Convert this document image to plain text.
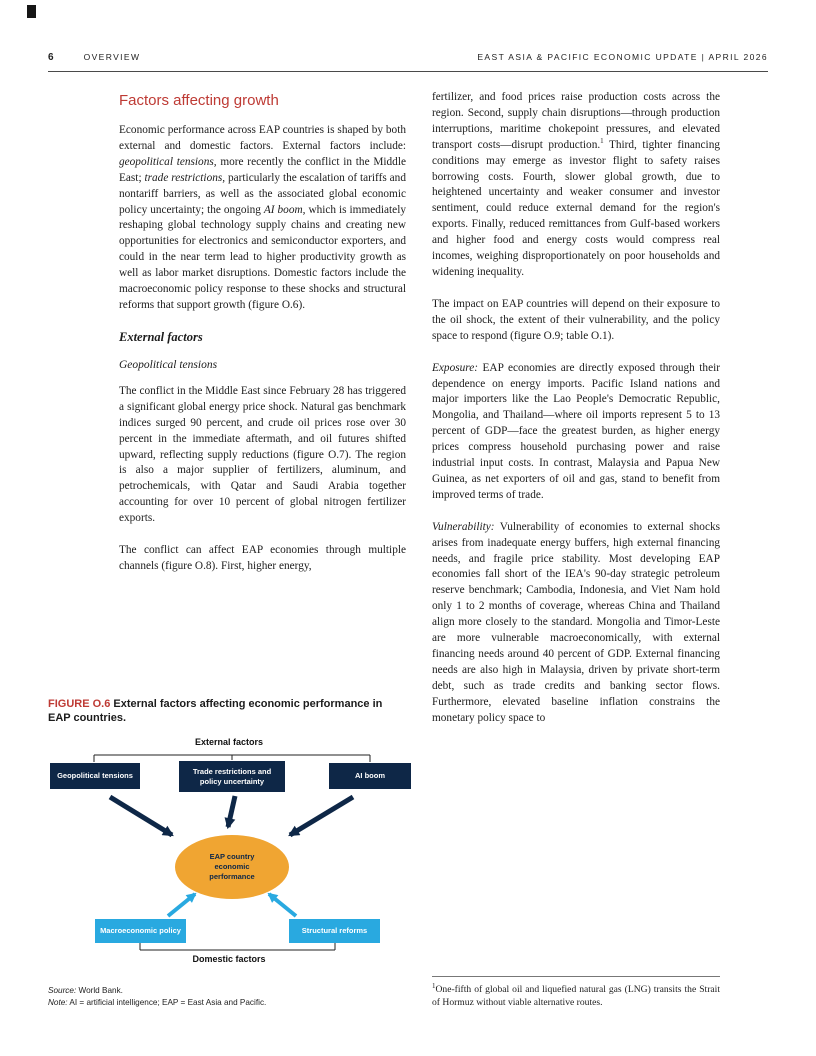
6	OVERVIEW	EAST ASIA & PACIFIC ECONOMIC UPDATE | APRIL 2026
Factors affecting growth

Economic performance across EAP countries is shaped by both external and domestic factors. External factors include: geopolitical tensions, more recently the conflict in the Middle East; trade restrictions, particularly the escalation of tariffs and nontariff barriers, as well as the associated global economic policy uncertainty; the ongoing AI boom, which is immediately reshaping global technology supply chains and creating new opportunities for electronics and semiconductor exporters, and could in the near term lead to higher productivity growth as well as labor market disruptions. Domestic factors include the macroeconomic policy response to these shocks and structural reforms that support growth (figure O.6).

External factors
Geopolitical tensions

The conflict in the Middle East since February 28 has triggered a significant global energy price shock. Natural gas benchmark indices surged 90 percent, and crude oil prices rose over 30 percent in the immediate aftermath, and oil futures shifted upward, reflecting supply reductions (figure O.7). The region is also a major supplier of fertilizers, aluminum, and petrochemicals, with Qatar and Saudi Arabia together accounting for over 10 percent of global nitrogen fertilizer exports.

The conflict can affect EAP economies through multiple channels (figure O.8). First, higher energy,

fertilizer, and food prices raise production costs across the region. Second, supply chain disruptions—through production interruptions, maritime chokepoint pressures, and elevated transport costs—disrupt production.$^1$ Third, tighter financing conditions may emerge as investor flight to safety raises borrowing costs. Fourth, slower global growth, due to heightened uncertainty and weaker consumer and investor sentiment, could reduce external demand for the region's exports. Finally, reduced remittances from Gulf-based workers and higher food and energy costs would compress real incomes, weighing disproportionately on poor households and widening inequality.

The impact on EAP countries will depend on their exposure to the oil shock, the extent of their vulnerability, and the policy space to respond (figure O.9; table O.1).

Exposure: EAP economies are directly exposed through their dependence on energy imports. Pacific Island nations and major importers like the Lao People's Democratic Republic, Mongolia, and Thailand—where oil imports represent 5 to 13 percent of GDP—face the greatest burden, as higher energy prices compress household purchasing power and raise industrial input costs. In contrast, Malaysia and Papua New Guinea, as net exporters of oil and gas, stand to benefit from improved terms of trade.

Vulnerability: Vulnerability of economies to external shocks arises from inadequate energy buffers, high external financing needs, and fragile price stability. Most developing EAP economies fall short of the IEA's 90-day strategic petroleum reserve benchmark; Cambodia, Indonesia, and Viet Nam hold only 1 to 2 months of coverage, whereas China and Thailand align more closely to the standard. Mongolia and Timor-Leste are more vulnerable macroeconomically, with external financing needs around 40 percent of GDP. External financing needs are also high in Malaysia, driven by private short-term debt, such as trade credits and banking sector flows. Furthermore, elevated baseline inflation constrains the monetary policy space to

FIGURE O.6 External factors affecting economic performance in EAP countries.
External factors
Geopolitical tensions	Trade restrictions and policy uncertainty
AI boom
EAP country economic performance
Macroeconomic policy	Structural reforms
Domestic factors
Source: World Bank.
Note: AI = artificial intelligence; EAP = East Asia and Pacific.
$^1$One-fifth of global oil and liquefied natural gas (LNG) transits the Strait of Hormuz without viable alternative routes.
